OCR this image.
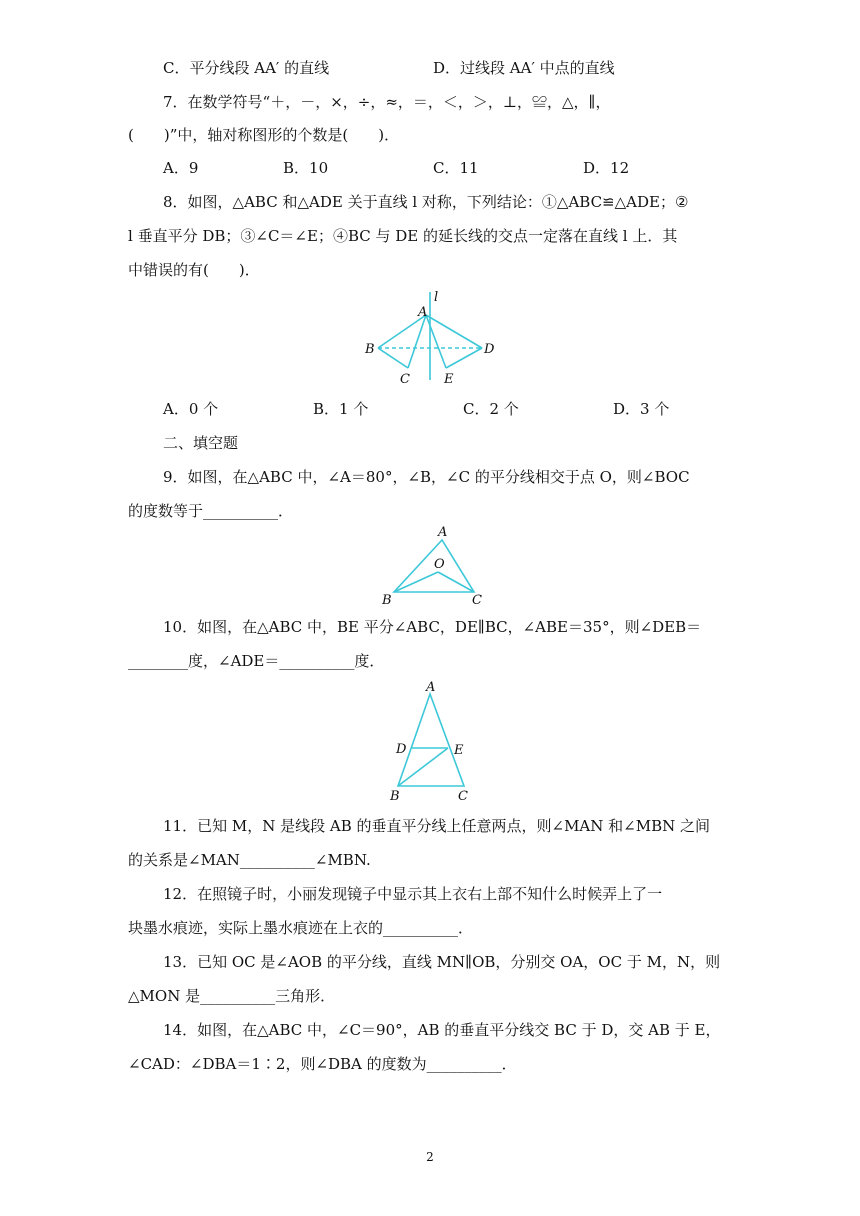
C．平分线段 AA′ 的直线	D．过线段 AA′ 中点的直线
7．在数学符号“＋，－，×，÷，≈，＝，＜，＞，⊥，≌，△，∥，
(　　)”中，轴对称图形的个数是(　　)．
A．9	B．10	C．11	D．12
8．如图，△ABC 和△ADE 关于直线 l 对称，下列结论：①△ABC≌△ADE；②
l 垂直平分 DB；③∠C＝∠E；④BC 与 DE 的延长线的交点一定落在直线 l 上．其
中错误的有(　　)．
l
A
B
C
D
E
A．0 个	B．1 个	C．2 个	D．3 个
二、填空题
9．如图，在△ABC 中，∠A＝80°，∠B，∠C 的平分线相交于点 O，则∠BOC
的度数等于__________．
A
O
B	C
10．如图，在△ABC 中，BE 平分∠ABC，DE∥BC，∠ABE＝35°，则∠DEB＝
________度，∠ADE＝__________度．
A
D	E
B	C
11．已知 M，N 是线段 AB 的垂直平分线上任意两点，则∠MAN 和∠MBN 之间
的关系是∠MAN__________∠MBN.
12．在照镜子时，小丽发现镜子中显示其上衣右上部不知什么时候弄上了一
块墨水痕迹，实际上墨水痕迹在上衣的__________．
13．已知 OC 是∠AOB 的平分线，直线 MN∥OB，分别交 OA，OC 于 M，N，则
△MON 是__________三角形．
14．如图，在△ABC 中，∠C＝90°，AB 的垂直平分线交 BC 于 D，交 AB 于 E，
∠CAD：∠DBA＝1∶2，则∠DBA 的度数为__________．
2
